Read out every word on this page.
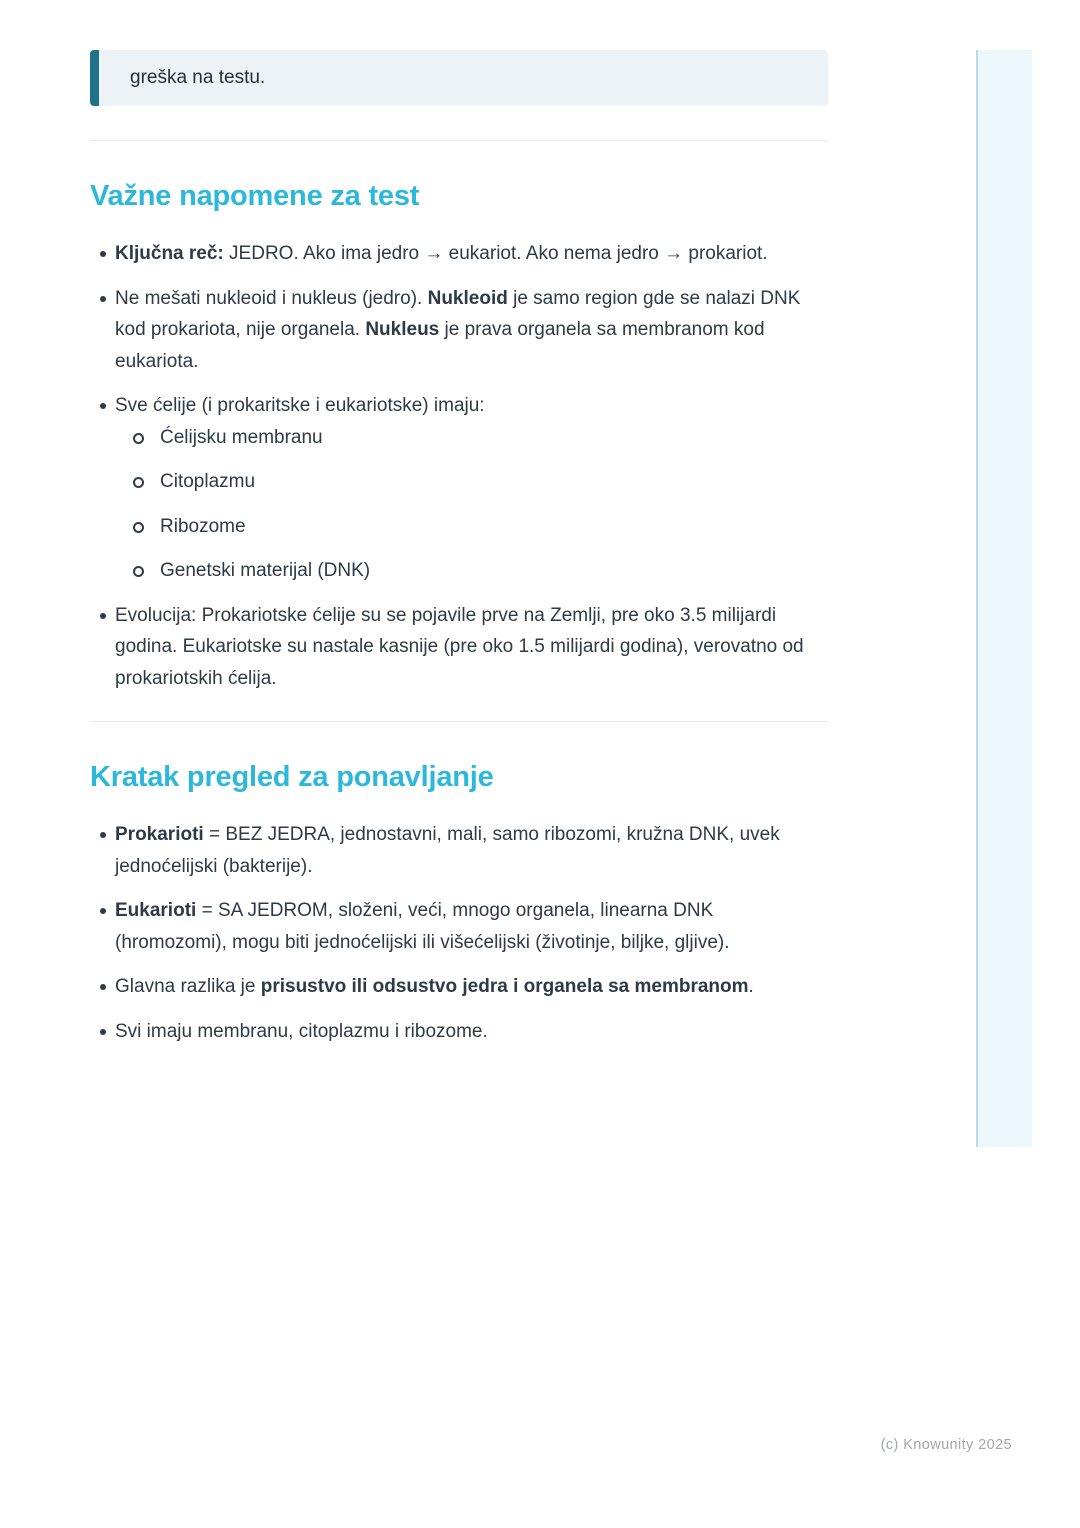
greška na testu.
Važne napomene za test
Ključna reč: JEDRO. Ako ima jedro → eukariot. Ako nema jedro → prokariot.
Ne mešati nukleoid i nukleus (jedro). Nukleoid je samo region gde se nalazi DNK kod prokariota, nije organela. Nukleus je prava organela sa membranom kod eukariota.
Sve ćelije (i prokaritske i eukariotske) imaju:
Ćelijsku membranu
Citoplazmu
Ribozome
Genetski materijal (DNK)
Evolucija: Prokariotske ćelije su se pojavile prve na Zemlji, pre oko 3.5 milijardi godina. Eukariotske su nastale kasnije (pre oko 1.5 milijardi godina), verovatno od prokariotskih ćelija.
Kratak pregled za ponavljanje
Prokarioti = BEZ JEDRA, jednostavni, mali, samo ribozomi, kružna DNK, uvek jednoćelijski (bakterije).
Eukarioti = SA JEDROM, složeni, veći, mnogo organela, linearna DNK (hromozomi), mogu biti jednoćelijski ili višećelijski (životinje, biljke, gljive).
Glavna razlika je prisustvo ili odsustvo jedra i organela sa membranom.
Svi imaju membranu, citoplazmu i ribozome.
(c) Knowunity 2025
